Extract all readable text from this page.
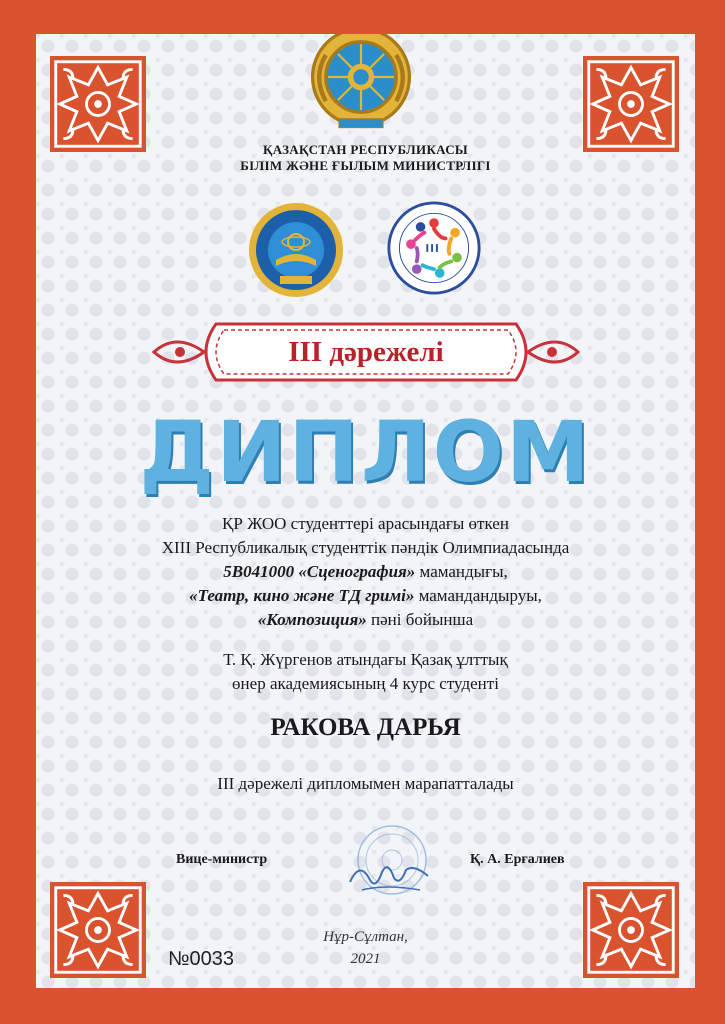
ҚАЗАҚСТАН РЕСПУБЛИКАСЫ
БІЛІМ ЖӘНЕ ҒЫЛЫМ МИНИСТРЛІГІ
III дәрежелі
ДИПЛОМ
ҚР ЖОО студенттері арасындағы өткен
XIII Республикалық студенттік пәндік Олимпиадасында
5В041000 «Сценография» мамандығы,
«Театр, кино және ТД гримі» мамандандыруы,
«Композиция» пәні бойынша
Т. Қ. Жүргенов атындағы Қазақ ұлттық
өнер академиясының 4 курс студенті
РАКОВА ДАРЬЯ
III дәрежелі дипломымен марапатталады
Вице-министр	Қ. А. Ерғалиев
Нұр-Сұлтан,
2021
№0033
